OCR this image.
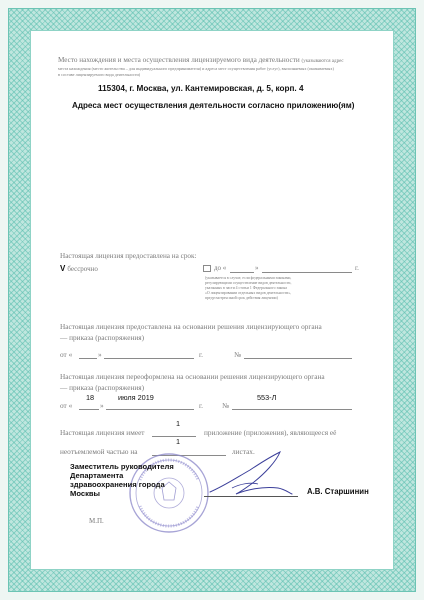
Место нахождения и места осуществления лицензируемого вида деятельности (указываются адрес
места нахождения (место жительства – для индивидуального предпринимателя) и адреса мест осуществления работ (услуг), выполняемых (оказываемых)
в составе лицензируемого вида деятельности)
115304, г. Москва, ул. Кантемировская, д. 5, корп. 4
Адреса мест осуществления деятельности согласно приложению(ям)
Настоящая лицензия предоставлена на срок:
V бессрочно	до «	»	г.
(указывается в случае, если федеральными законами,
регулирующими осуществление видов деятельности,
указанных в части 4 статьи 1 Федерального закона
«О лицензировании отдельных видов деятельности»,
предусмотрен иной срок действия лицензии)
Настоящая лицензия предоставлена на основании решения лицензирующего органа
— приказа (распоряжения)
от «	»	г.	№
Настоящая лицензия переоформлена на основании решения лицензирующего органа
— приказа (распоряжения)
от «
18
»
июля 2019
г.	№
553-Л
1
Настоящая лицензия имеет	приложение (приложения), являющееся её
1
неотъемлемой частью на	листах.
Заместитель руководителя
Департамента
здравоохранения города
Москвы	А.В. Старшинин
М.П.
